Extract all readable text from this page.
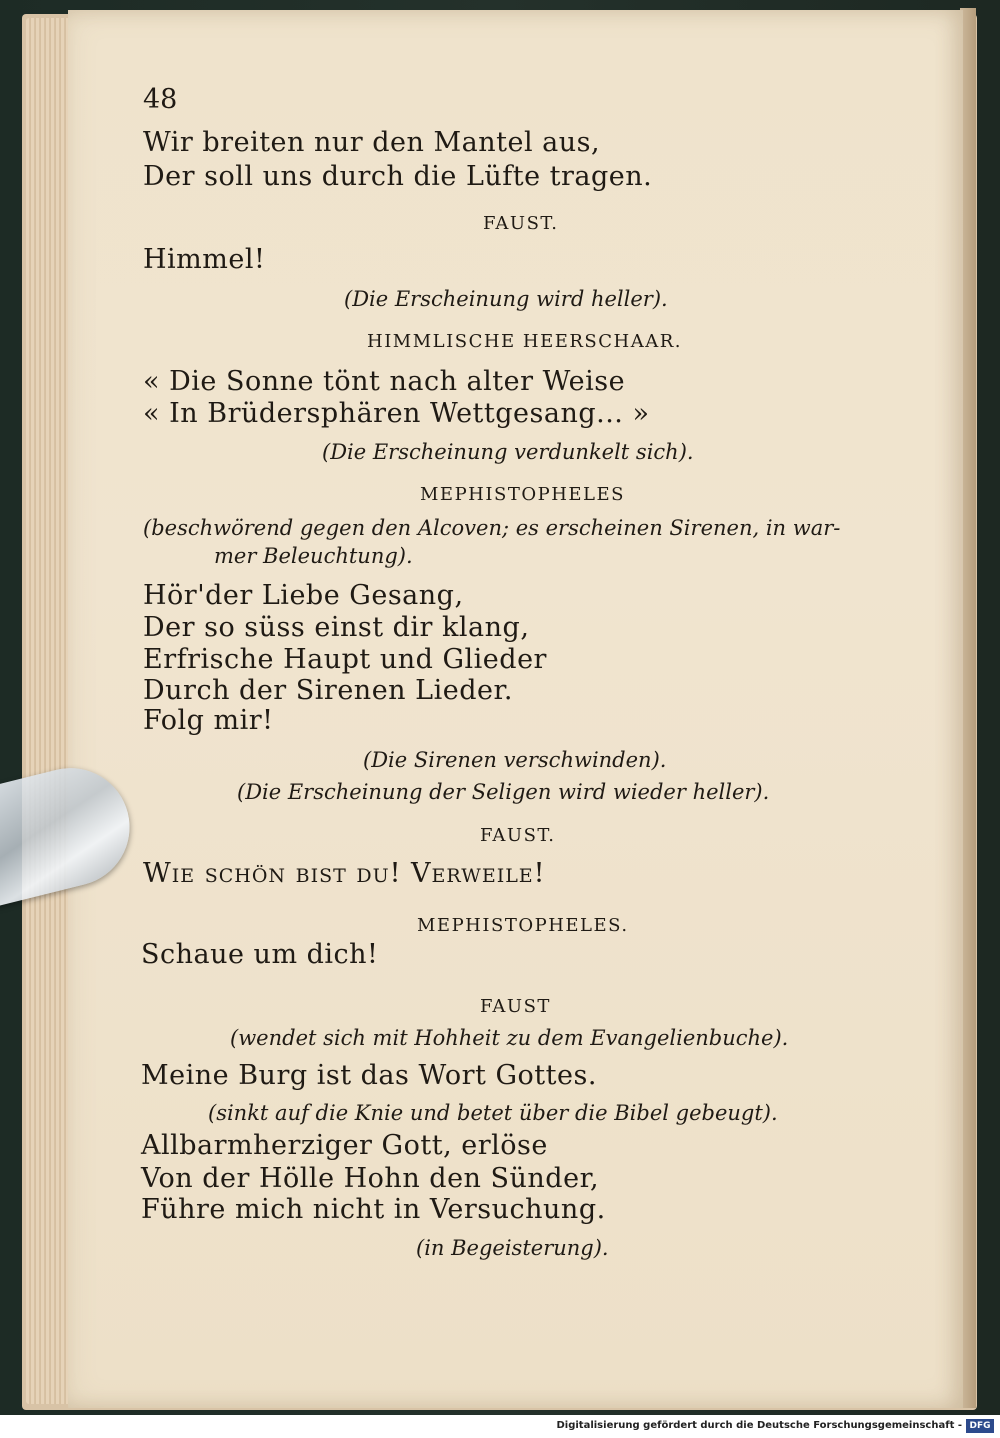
48
Wir breiten nur den Mantel aus,
Der soll uns durch die Lüfte tragen.
FAUST.
Himmel!
(Die Erscheinung wird heller).
HIMMLISCHE HEERSCHAAR.
« Die Sonne tönt nach alter Weise
« In Brüdersphären Wettgesang... »
(Die Erscheinung verdunkelt sich).
MEPHISTOPHELES
(beschwörend gegen den Alcoven; es erscheinen Sirenen, in war-
mer Beleuchtung).
Hör'der Liebe Gesang,
Der so süss einst dir klang,
Erfrische Haupt und Glieder
Durch der Sirenen Lieder.
Folg mir!
(Die Sirenen verschwinden).
(Die Erscheinung der Seligen wird wieder heller).
FAUST.
Wie schön bist du! Verweile!
MEPHISTOPHELES.
Schaue um dich!
FAUST
(wendet sich mit Hohheit zu dem Evangelienbuche).
Meine Burg ist das Wort Gottes.
(sinkt auf die Knie und betet über die Bibel gebeugt).
Allbarmherziger Gott, erlöse
Von der Hölle Hohn den Sünder,
Führe mich nicht in Versuchung.
(in Begeisterung).
Digitalisierung gefördert durch die Deutsche Forschungsgemeinschaft - DFG
